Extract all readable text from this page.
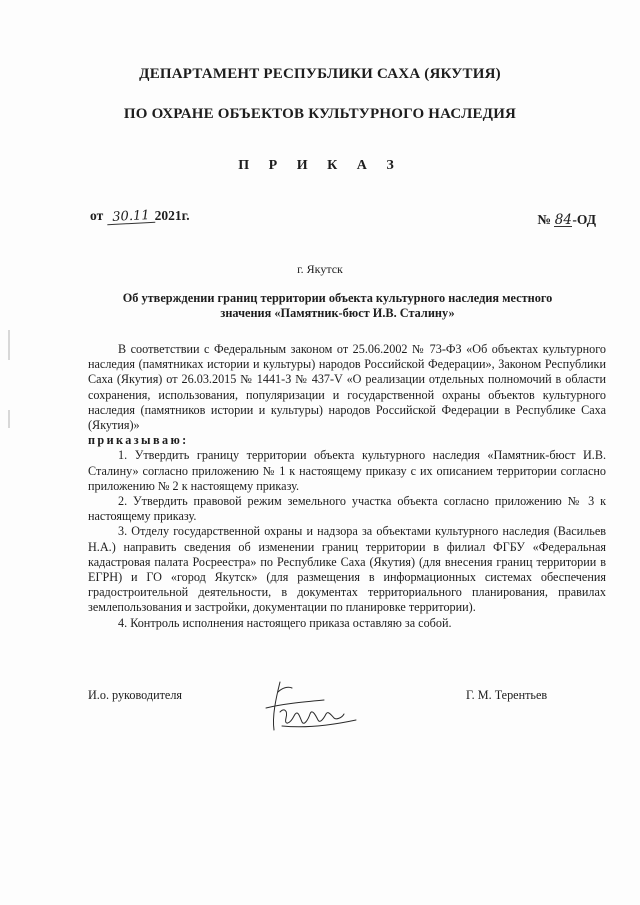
ДЕПАРТАМЕНТ РЕСПУБЛИКИ САХА (ЯКУТИЯ)
ПО ОХРАНЕ ОБЪЕКТОВ КУЛЬТУРНОГО НАСЛЕДИЯ
П Р И К А З
от 30.11 2021г.	№ 84-ОД
г. Якутск
Об утверждении границ территории объекта культурного наследия местного значения «Памятник-бюст И.В. Сталину»

В соответствии с Федеральным законом от 25.06.2002 № 73-ФЗ «Об объектах культурного наследия (памятниках истории и культуры) народов Российской Федерации», Законом Республики Саха (Якутия) от 26.03.2015 № 1441-З № 437-V «О реализации отдельных полномочий в области сохранения, использования, популяризации и государственной охраны объектов культурного наследия (памятников истории и культуры) народов Российской Федерации в Республике Саха (Якутия)»

приказываю:

1. Утвердить границу территории объекта культурного наследия «Памятник-бюст И.В. Сталину» согласно приложению № 1 к настоящему приказу с их описанием территории согласно приложению № 2 к настоящему приказу.

2. Утвердить правовой режим земельного участка объекта согласно приложению № 3 к настоящему приказу.

3. Отделу государственной охраны и надзора за объектами культурного наследия (Васильев Н.А.) направить сведения об изменении границ территории в филиал ФГБУ «Федеральная кадастровая палата Росреестра» по Республике Саха (Якутия) (для внесения границ территории в ЕГРН) и ГО «город Якутск» (для размещения в информационных системах обеспечения градостроительной деятельности, в документах территориального планирования, правилах землепользования и застройки, документации по планировке территории).

4. Контроль исполнения настоящего приказа оставляю за собой.

И.о. руководителя	Г. М. Терентьев
